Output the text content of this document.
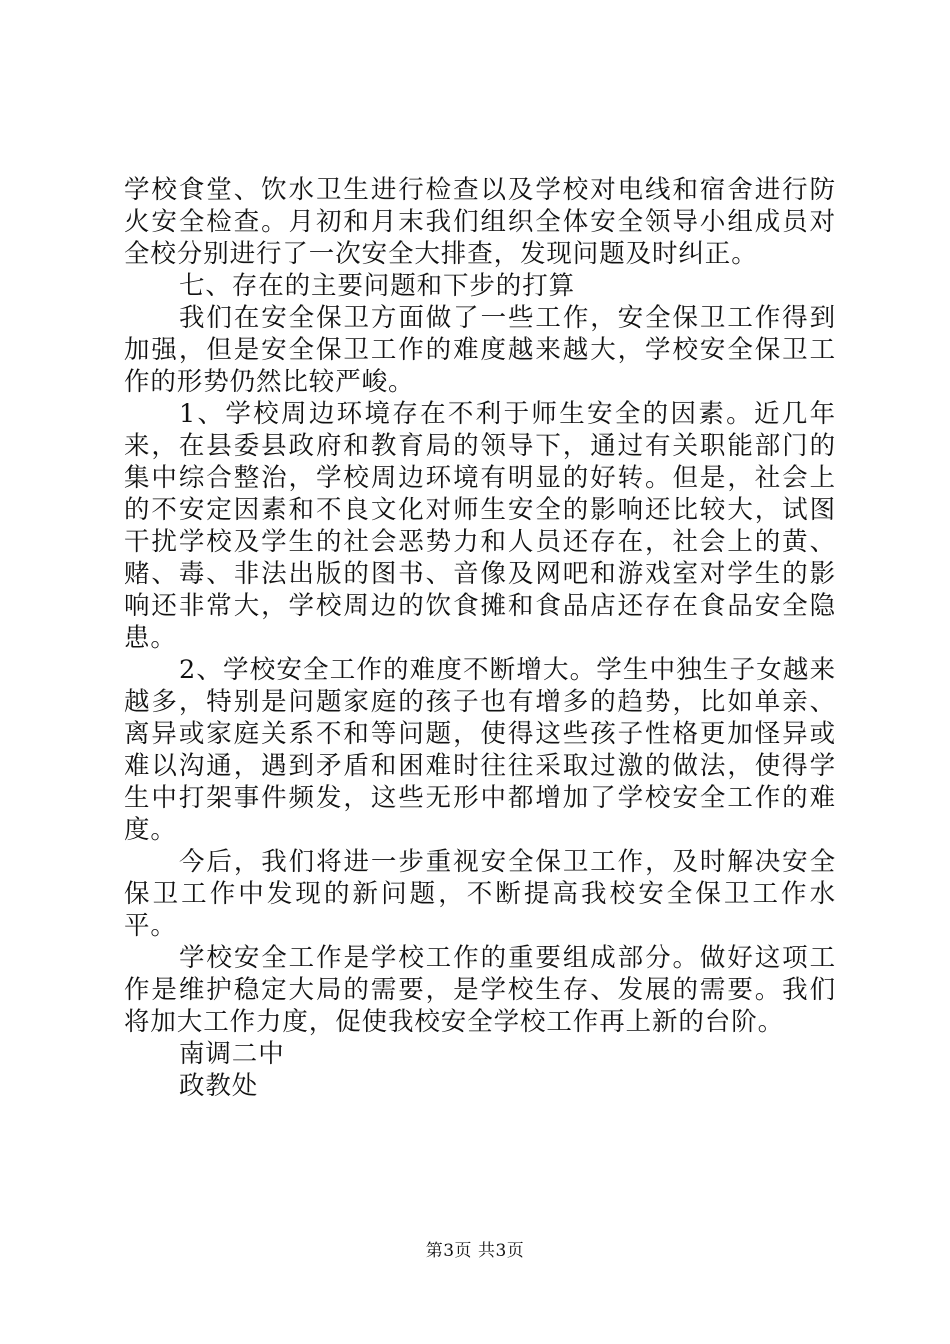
学校食堂、饮水卫生进行检查以及学校对电线和宿舍进行防火安全检查。月初和月末我们组织全体安全领导小组成员对全校分别进行了一次安全大排查，发现问题及时纠正。

七、存在的主要问题和下步的打算

我们在安全保卫方面做了一些工作，安全保卫工作得到加强，但是安全保卫工作的难度越来越大，学校安全保卫工作的形势仍然比较严峻。

1、学校周边环境存在不利于师生安全的因素。近几年来，在县委县政府和教育局的领导下，通过有关职能部门的集中综合整治，学校周边环境有明显的好转。但是，社会上的不安定因素和不良文化对师生安全的影响还比较大，试图干扰学校及学生的社会恶势力和人员还存在，社会上的黄、赌、毒、非法出版的图书、音像及网吧和游戏室对学生的影响还非常大，学校周边的饮食摊和食品店还存在食品安全隐患。

2、学校安全工作的难度不断增大。学生中独生子女越来越多，特别是问题家庭的孩子也有增多的趋势，比如单亲、离异或家庭关系不和等问题，使得这些孩子性格更加怪异或难以沟通，遇到矛盾和困难时往往采取过激的做法，使得学生中打架事件频发，这些无形中都增加了学校安全工作的难度。

今后，我们将进一步重视安全保卫工作，及时解决安全保卫工作中发现的新问题，不断提高我校安全保卫工作水平。

学校安全工作是学校工作的重要组成部分。做好这项工作是维护稳定大局的需要，是学校生存、发展的需要。我们将加大工作力度，促使我校安全学校工作再上新的台阶。

南调二中

政教处

第3页 共3页
